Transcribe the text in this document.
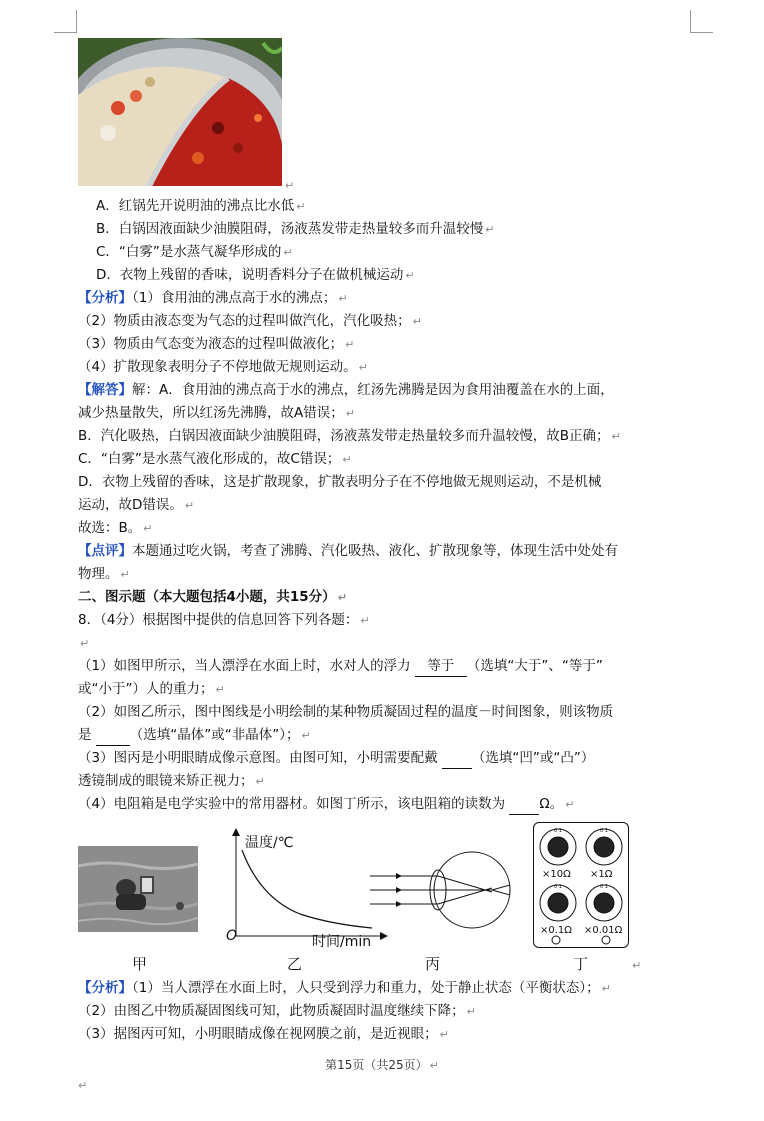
↵
A．红锅先开说明油的沸点比水低 ↵
B．白锅因液面缺少油膜阻碍，汤液蒸发带走热量较多而升温较慢 ↵
C．“白雾”是水蒸气凝华形成的 ↵
D．衣物上残留的香味，说明香料分子在做机械运动 ↵
【分析】（1）食用油的沸点高于水的沸点； ↵
（2）物质由液态变为气态的过程叫做汽化，汽化吸热； ↵
（3）物质由气态变为液态的过程叫做液化； ↵
（4）扩散现象表明分子不停地做无规则运动。 ↵
【解答】解：A．食用油的沸点高于水的沸点，红汤先沸腾是因为食用油覆盖在水的上面，
减少热量散失，所以红汤先沸腾，故A错误； ↵
B．汽化吸热，白锅因液面缺少油膜阻碍，汤液蒸发带走热量较多而升温较慢，故B正确； ↵
C．“白雾”是水蒸气液化形成的，故C错误； ↵
D．衣物上残留的香味，这是扩散现象，扩散表明分子在不停地做无规则运动，不是机械
运动，故D错误。 ↵
故选：B。 ↵
【点评】本题通过吃火锅，考查了沸腾、汽化吸热、液化、扩散现象等，体现生活中处处有
物理。 ↵
二、图示题（本大题包括4小题，共15分） ↵
8．（4分）根据图中提供的信息回答下列各题： ↵
↵
（1）如图甲所示，当人漂浮在水面上时，水对人的浮力 等于 （选填“大于”、“等于”
或“小于”）人的重力； ↵
（2）如图乙所示，图中图线是小明绘制的某种物质凝固过程的温度－时间图象，则该物质
是	（选填“晶体”或“非晶体”）； ↵
（3）图丙是小明眼睛成像示意图。由图可知，小明需要配戴	（选填“凹”或“凸”）
透镜制成的眼镜来矫正视力； ↵
（4）电阻箱是电学实验中的常用器材。如图丁所示，该电阻箱的读数为	Ω。 ↵
温度/℃
O	时间/min
0 1	0 1
0 1	0 1
×10Ω ×1Ω
×0.1Ω ×0.01Ω
甲	乙	丙	丁	↵
【分析】（1）当人漂浮在水面上时，人只受到浮力和重力，处于静止状态（平衡状态）； ↵
（2）由图乙中物质凝固图线可知，此物质凝固时温度继续下降； ↵
（3）据图丙可知，小明眼睛成像在视网膜之前，是近视眼； ↵
第15页（共25页） ↵
↵
